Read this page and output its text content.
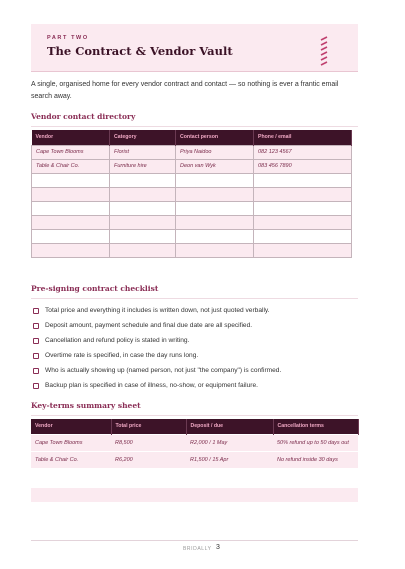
PART TWO
The Contract & Vendor Vault

A single, organised home for every vendor contract and contact — so nothing is ever a frantic email search away.

Vendor contact directory
Vendor	Category	Contact person	Phone / email
Cape Town Blooms	Florist	Priya Naidoo	082 123 4567
Table & Chair Co.	Furniture hire	Deon van Wyk	083 456 7890

Pre-signing contract checklist
Total price and everything it includes is written down, not just quoted verbally.
Deposit amount, payment schedule and final due date are all specified.
Cancellation and refund policy is stated in writing.
Overtime rate is specified, in case the day runs long.
Who is actually showing up (named person, not just "the company") is confirmed.
Backup plan is specified in case of illness, no-show, or equipment failure.
Key-terms summary sheet
Vendor	Total price	Deposit / due	Cancellation terms
Cape Town Blooms	R8,500	R2,000 / 1 May	50% refund up to 50 days out
Table & Chair Co.	R6,200	R1,500 / 15 Apr	No refund inside 30 days
BRIDALLY 3
